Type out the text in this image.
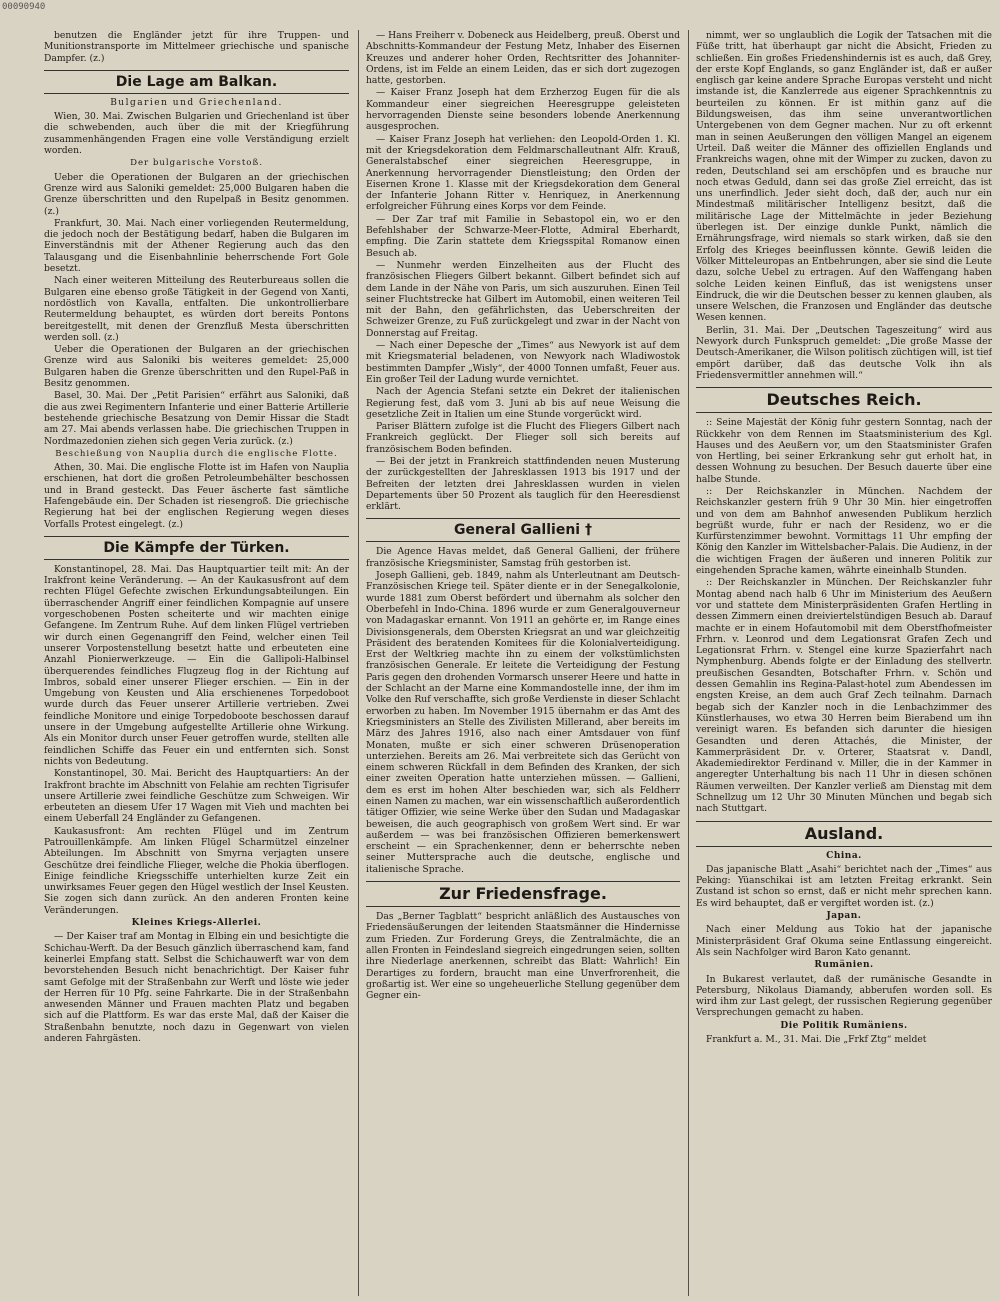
00090940

benutzen die Engländer jetzt für ihre Truppen- und Munitionstransporte im Mittelmeer griechische und spanische Dampfer. (z.)

Die Lage am Balkan.
Bulgarien und Griechenland.

Wien, 30. Mai. Zwischen Bulgarien und Griechenland ist über die schwebenden, auch über die mit der Kriegführung zusammenhängenden Fragen eine volle Verständigung erzielt worden.

Der bulgarische Vorstoß.

Ueber die Operationen der Bulgaren an der griechischen Grenze wird aus Saloniki gemeldet: 25,000 Bulgaren haben die Grenze überschritten und den Rupelpaß in Besitz genommen. (z.)

Frankfurt, 30. Mai. Nach einer vorliegenden Reutermeldung, die jedoch noch der Bestätigung bedarf, haben die Bulgaren im Einverständnis mit der Athener Regierung auch das den Talausgang und die Eisenbahnlinie beherrschende Fort Gole besetzt.

Nach einer weiteren Mitteilung des Reuterbureaus sollen die Bulgaren eine ebenso große Tätigkeit in der Gegend von Xanti, nordöstlich von Kavalla, entfalten. Die unkontrollierbare Reutermeldung behauptet, es würden dort bereits Pontons bereitgestellt, mit denen der Grenzfluß Mesta überschritten werden soll. (z.)

Ueber die Operationen der Bulgaren an der griechischen Grenze wird aus Saloniki bis weiteres gemeldet: 25,000 Bulgaren haben die Grenze überschritten und den Rupel-Paß in Besitz genommen.

Basel, 30. Mai. Der „Petit Parisien“ erfährt aus Saloniki, daß die aus zwei Regimentern Infanterie und einer Batterie Artillerie bestehende griechische Besatzung von Demir Hissar die Stadt am 27. Mai abends verlassen habe. Die griechischen Truppen in Nordmazedonien ziehen sich gegen Veria zurück. (z.)

Beschießung von Nauplia durch die englische Flotte.

Athen, 30. Mai. Die englische Flotte ist im Hafen von Nauplia erschienen, hat dort die großen Petroleumbehälter beschossen und in Brand gesteckt. Das Feuer äscherte fast sämtliche Hafengebäude ein. Der Schaden ist riesengroß. Die griechische Regierung hat bei der englischen Regierung wegen dieses Vorfalls Protest eingelegt. (z.)

Die Kämpfe der Türken.

Konstantinopel, 28. Mai. Das Hauptquartier teilt mit: An der Irakfront keine Veränderung. — An der Kaukasusfront auf dem rechten Flügel Gefechte zwischen Erkundungsabteilungen. Ein überraschender Angriff einer feindlichen Kompagnie auf unsere vorgeschobenen Posten scheiterte und wir machten einige Gefangene. Im Zentrum Ruhe. Auf dem linken Flügel vertrieben wir durch einen Gegenangriff den Feind, welcher einen Teil unserer Vorpostenstellung besetzt hatte und erbeuteten eine Anzahl Pionierwerkzeuge. — Ein die Gallipoli-Halbinsel überquerendes feindliches Flugzeug flog in der Richtung auf Imbros, sobald einer unserer Flieger erschien. — Ein in der Umgebung von Keusten und Alia erschienenes Torpedoboot wurde durch das Feuer unserer Artillerie vertrieben. Zwei feindliche Monitore und einige Torpedoboote beschossen darauf unsere in der Umgebung aufgestellte Artillerie ohne Wirkung. Als ein Monitor durch unser Feuer getroffen wurde, stellten alle feindlichen Schiffe das Feuer ein und entfernten sich. Sonst nichts von Bedeutung.

Konstantinopel, 30. Mai. Bericht des Hauptquartiers: An der Irakfront brachte im Abschnitt von Felahie am rechten Tigrisufer unsere Artillerie zwei feindliche Geschütze zum Schweigen. Wir erbeuteten an diesem Ufer 17 Wagen mit Vieh und machten bei einem Ueberfall 24 Engländer zu Gefangenen.

Kaukasusfront: Am rechten Flügel und im Zentrum Patrouillenkämpfe. Am linken Flügel Scharmützel einzelner Abteilungen. Im Abschnitt von Smyrna verjagten unsere Geschütze drei feindliche Flieger, welche die Phokia überflogen. Einige feindliche Kriegsschiffe unterhielten kurze Zeit ein unwirksames Feuer gegen den Hügel westlich der Insel Keusten. Sie zogen sich dann zurück. An den anderen Fronten keine Veränderungen.

Kleines Kriegs-Allerlei.

— Der Kaiser traf am Montag in Elbing ein und besichtigte die Schichau-Werft. Da der Besuch gänzlich überraschend kam, fand keinerlei Empfang statt. Selbst die Schichauwerft war von dem bevorstehenden Besuch nicht benachrichtigt. Der Kaiser fuhr samt Gefolge mit der Straßenbahn zur Werft und löste wie jeder der Herren für 10 Pfg. seine Fahrkarte. Die in der Straßenbahn anwesenden Männer und Frauen machten Platz und begaben sich auf die Plattform. Es war das erste Mal, daß der Kaiser die Straßenbahn benutzte, noch dazu in Gegenwart von vielen anderen Fahrgästen.

— Hans Freiherr v. Dobeneck aus Heidelberg, preuß. Oberst und Abschnitts-Kommandeur der Festung Metz, Inhaber des Eisernen Kreuzes und anderer hoher Orden, Rechtsritter des Johanniter-Ordens, ist im Felde an einem Leiden, das er sich dort zugezogen hatte, gestorben.

— Kaiser Franz Joseph hat dem Erzherzog Eugen für die als Kommandeur einer siegreichen Heeresgruppe geleisteten hervorragenden Dienste seine besonders lobende Anerkennung ausgesprochen.

— Kaiser Franz Joseph hat verliehen: den Leopold-Orden 1. Kl. mit der Kriegsdekoration dem Feldmarschalleutnant Alfr. Krauß, Generalstabschef einer siegreichen Heeresgruppe, in Anerkennung hervorragender Dienstleistung; den Orden der Eisernen Krone 1. Klasse mit der Kriegsdekoration dem General der Infanterie Johann Ritter v. Henriquez, in Anerkennung erfolgreicher Führung eines Korps vor dem Feinde.

— Der Zar traf mit Familie in Sebastopol ein, wo er den Befehlshaber der Schwarze-Meer-Flotte, Admiral Eberhardt, empfing. Die Zarin stattete dem Kriegsspital Romanow einen Besuch ab.

— Nunmehr werden Einzelheiten aus der Flucht des französischen Fliegers Gilbert bekannt. Gilbert befindet sich auf dem Lande in der Nähe von Paris, um sich auszuruhen. Einen Teil seiner Fluchtstrecke hat Gilbert im Automobil, einen weiteren Teil mit der Bahn, den gefährlichsten, das Ueberschreiten der Schweizer Grenze, zu Fuß zurückgelegt und zwar in der Nacht von Donnerstag auf Freitag.

— Nach einer Depesche der „Times“ aus Newyork ist auf dem mit Kriegsmaterial beladenen, von Newyork nach Wladiwostok bestimmten Dampfer „Wisly“, der 4000 Tonnen umfaßt, Feuer aus. Ein großer Teil der Ladung wurde vernichtet.

Nach der Agencia Stefani setzte ein Dekret der italienischen Regierung fest, daß vom 3. Juni ab bis auf neue Weisung die gesetzliche Zeit in Italien um eine Stunde vorgerückt wird.

Pariser Blättern zufolge ist die Flucht des Fliegers Gilbert nach Frankreich geglückt. Der Flieger soll sich bereits auf französischem Boden befinden.

— Bei der jetzt in Frankreich stattfindenden neuen Musterung der zurückgestellten der Jahresklassen 1913 bis 1917 und der Befreiten der letzten drei Jahresklassen wurden in vielen Departements über 50 Prozent als tauglich für den Heeresdienst erklärt.

General Gallieni †

Die Agence Havas meldet, daß General Gallieni, der frühere französische Kriegsminister, Samstag früh gestorben ist.

Joseph Gallieni, geb. 1849, nahm als Unterleutnant am Deutsch-Französischen Kriege teil. Später diente er in der Senegalkolonie, wurde 1881 zum Oberst befördert und übernahm als solcher den Oberbefehl in Indo-China. 1896 wurde er zum Generalgouverneur von Madagaskar ernannt. Von 1911 an gehörte er, im Range eines Divisionsgenerals, dem Obersten Kriegsrat an und war gleichzeitig Präsident des beratenden Komitees für die Kolonialverteidigung. Erst der Weltkrieg machte ihn zu einem der volkstümlichsten französischen Generale. Er leitete die Verteidigung der Festung Paris gegen den drohenden Vormarsch unserer Heere und hatte in der Schlacht an der Marne eine Kommandostelle inne, der ihm im Volke den Ruf verschaffte, sich große Verdienste in dieser Schlacht erworben zu haben. Im November 1915 übernahm er das Amt des Kriegsministers an Stelle des Zivilisten Millerand, aber bereits im März des Jahres 1916, also nach einer Amtsdauer von fünf Monaten, mußte er sich einer schweren Drüsenoperation unterziehen. Bereits am 26. Mai verbreitete sich das Gerücht von einem schweren Rückfall in dem Befinden des Kranken, der sich einer zweiten Operation hatte unterziehen müssen. — Gallieni, dem es erst im hohen Alter beschieden war, sich als Feldherr einen Namen zu machen, war ein wissenschaftlich außerordentlich tätiger Offizier, wie seine Werke über den Sudan und Madagaskar beweisen, die auch geographisch von großem Wert sind. Er war außerdem — was bei französischen Offizieren bemerkenswert erscheint — ein Sprachenkenner, denn er beherrschte neben seiner Muttersprache auch die deutsche, englische und italienische Sprache.

Zur Friedensfrage.

Das „Berner Tagblatt“ bespricht anläßlich des Austausches von Friedensäußerungen der leitenden Staatsmänner die Hindernisse zum Frieden. Zur Forderung Greys, die Zentralmächte, die an allen Fronten in Feindesland siegreich eingedrungen seien, sollten ihre Niederlage anerkennen, schreibt das Blatt: Wahrlich! Ein Derartiges zu fordern, braucht man eine Unverfrorenheit, die großartig ist. Wer eine so ungeheuerliche Stellung gegenüber dem Gegner ein-

nimmt, wer so unglaublich die Logik der Tatsachen mit die Füße tritt, hat überhaupt gar nicht die Absicht, Frieden zu schließen. Ein großes Friedenshindernis ist es auch, daß Grey, der erste Kopf Englands, so ganz Engländer ist, daß er außer englisch gar keine andere Sprache Europas versteht und nicht imstande ist, die Kanzlerrede aus eigener Sprachkenntnis zu beurteilen zu können. Er ist mithin ganz auf die Bildungsweisen, das ihm seine unverantwortlichen Untergebenen von dem Gegner machen. Nur zu oft erkennt man in seinen Aeußerungen den völligen Mangel an eigenem Urteil. Daß weiter die Männer des offiziellen Englands und Frankreichs wagen, ohne mit der Wimper zu zucken, davon zu reden, Deutschland sei am erschöpfen und es brauche nur noch etwas Geduld, dann sei das große Ziel erreicht, das ist uns unerfindlich. Jeder sieht doch, daß der, auch nur ein Mindestmaß militärischer Intelligenz besitzt, daß die militärische Lage der Mittelmächte in jeder Beziehung überlegen ist. Der einzige dunkle Punkt, nämlich die Ernährungsfrage, wird niemals so stark wirken, daß sie den Erfolg des Krieges beeinflussen könnte. Gewiß leiden die Völker Mitteleuropas an Entbehrungen, aber sie sind die Leute dazu, solche Uebel zu ertragen. Auf den Waffengang haben solche Leiden keinen Einfluß, das ist wenigstens unser Eindruck, die wir die Deutschen besser zu kennen glauben, als unsere Welschen, die Franzosen und Engländer das deutsche Wesen kennen.

Berlin, 31. Mai. Der „Deutschen Tageszeitung“ wird aus Newyork durch Funkspruch gemeldet: „Die große Masse der Deutsch-Amerikaner, die Wilson politisch züchtigen will, ist tief empört darüber, daß das deutsche Volk ihn als Friedensvermittler annehmen will.“

Deutsches Reich.

:: Seine Majestät der König fuhr gestern Sonntag, nach der Rückkehr von dem Rennen im Staatsministerium des Kgl. Hauses und des Aeußern vor, um den Staatsminister Grafen von Hertling, bei seiner Erkrankung sehr gut erholt hat, in dessen Wohnung zu besuchen. Der Besuch dauerte über eine halbe Stunde.

:: Der Reichskanzler in München. Nachdem der Reichskanzler gestern früh 9 Uhr 30 Min. hier eingetroffen und von dem am Bahnhof anwesenden Publikum herzlich begrüßt wurde, fuhr er nach der Residenz, wo er die Kurfürstenzimmer bewohnt. Vormittags 11 Uhr empfing der König den Kanzler im Wittelsbacher-Palais. Die Audienz, in der die wichtigen Fragen der äußeren und inneren Politik zur eingehenden Sprache kamen, währte eineinhalb Stunden.

:: Der Reichskanzler in München. Der Reichskanzler fuhr Montag abend nach halb 6 Uhr im Ministerium des Aeußern vor und stattete dem Ministerpräsidenten Grafen Hertling in dessen Zimmern einen dreiviertelstündigen Besuch ab. Darauf machte er in einem Hofautomobil mit dem Oberstfhofmeister Frhrn. v. Leonrod und dem Legationsrat Grafen Zech und Legationsrat Frhrn. v. Stengel eine kurze Spazierfahrt nach Nymphenburg. Abends folgte er der Einladung des stellvertr. preußischen Gesandten, Botschafter Frhrn. v. Schön und dessen Gemahlin ins Regina-Palast-hotel zum Abendessen im engsten Kreise, an dem auch Graf Zech teilnahm. Darnach begab sich der Kanzler noch in die Lenbachzimmer des Künstlerhauses, wo etwa 30 Herren beim Bierabend um ihn vereinigt waren. Es befanden sich darunter die hiesigen Gesandten und deren Attachés, die Minister, der Kammerpräsident Dr. v. Orterer, Staatsrat v. Dandl, Akademiedirektor Ferdinand v. Miller, die in der Kammer in angeregter Unterhaltung bis nach 11 Uhr in diesen schönen Räumen verweilten. Der Kanzler verließ am Dienstag mit dem Schnellzug um 12 Uhr 30 Minuten München und begab sich nach Stuttgart.

Ausland.
China.

Das japanische Blatt „Asahi“ berichtet nach der „Times“ aus Peking: Yüanschikai ist am letzten Freitag erkrankt. Sein Zustand ist schon so ernst, daß er nicht mehr sprechen kann. Es wird behauptet, daß er vergiftet worden ist. (z.)

Japan.

Nach einer Meldung aus Tokio hat der japanische Ministerpräsident Graf Okuma seine Entlassung eingereicht. Als sein Nachfolger wird Baron Kato genannt.

Rumänien.

In Bukarest verlautet, daß der rumänische Gesandte in Petersburg, Nikolaus Diamandy, abberufen worden soll. Es wird ihm zur Last gelegt, der russischen Regierung gegenüber Versprechungen gemacht zu haben.

Die Politik Rumäniens.

Frankfurt a. M., 31. Mai. Die „Frkf Ztg“ meldet
